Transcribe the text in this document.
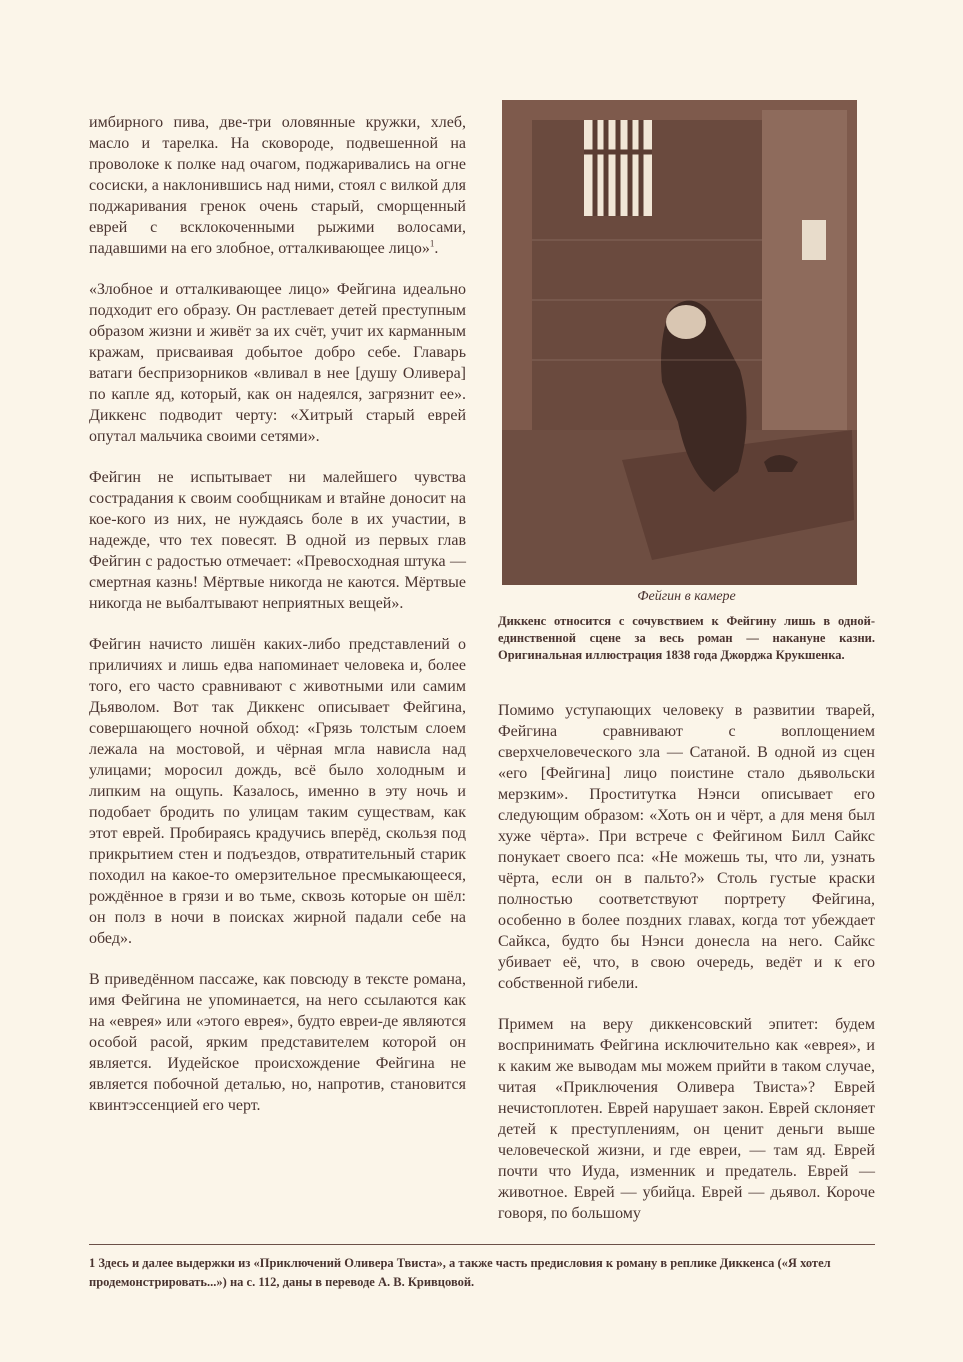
имбирного пива, две-три оловянные кружки, хлеб, масло и тарелка. На сковороде, подвешенной на проволоке к полке над очагом, поджаривались на огне сосиски, а наклонившись над ними, стоял с вилкой для поджаривания гренок очень старый, сморщенный еврей с всклокоченными рыжими волосами, падавшими на его злобное, отталкивающее лицо»$^1$.

«Злобное и отталкивающее лицо» Фейгина идеально подходит его образу. Он растлевает детей преступным образом жизни и живёт за их счёт, учит их карманным кражам, присваивая добытое добро себе. Главарь ватаги беспризорников «вливал в нее [душу Оливера] по капле яд, который, как он надеялся, загрязнит ее». Диккенс подводит черту: «Хитрый старый еврей опутал мальчика своими сетями».

Фейгин не испытывает ни малейшего чувства сострадания к своим сообщникам и втайне доносит на кое-кого из них, не нуждаясь боле в их участии, в надежде, что тех повесят. В одной из первых глав Фейгин с радостью отмечает: «Превосходная штука — смертная казнь! Мёртвые никогда не каются. Мёртвые никогда не выбалтывают неприятных вещей».

Фейгин начисто лишён каких-либо представлений о приличиях и лишь едва напоминает человека и, более того, его часто сравнивают с животными или самим Дьяволом. Вот так Диккенс описывает Фейгина, совершающего ночной обход: «Грязь толстым слоем лежала на мостовой, и чёрная мгла нависла над улицами; моросил дождь, всё было холодным и липким на ощупь. Казалось, именно в эту ночь и подобает бродить по улицам таким существам, как этот еврей. Пробираясь крадучись вперёд, скользя под прикрытием стен и подъездов, отвратительный старик походил на какое-то омерзительное пресмыкающееся, рождённое в грязи и во тьме, сквозь которые он шёл: он полз в ночи в поисках жирной падали себе на обед».

В приведённом пассаже, как повсюду в тексте романа, имя Фейгина не упоминается, на него ссылаются как на «еврея» или «этого еврея», будто евреи-де являются особой расой, ярким представителем которой он является. Иудейское происхождение Фейгина не является побочной деталью, но, напротив, становится квинтэссенцией его черт.

Фейгин в камере

Диккенс относится с сочувствием к Фейгину лишь в одной-единственной сцене за весь роман — накануне казни. Оригинальная иллюстрация 1838 года Джорджа Крукшенка.

Помимо уступающих человеку в развитии тварей, Фейгина сравнивают с воплощением сверхчеловеческого зла — Сатаной. В одной из сцен «его [Фейгина] лицо поистине стало дьявольски мерзким». Проститутка Нэнси описывает его следующим образом: «Хоть он и чёрт, а для меня был хуже чёрта». При встрече с Фейгином Билл Сайкс понукает своего пса: «Не можешь ты, что ли, узнать чёрта, если он в пальто?» Столь густые краски полностью соответствуют портрету Фейгина, особенно в более поздних главах, когда тот убеждает Сайкса, будто бы Нэнси донесла на него. Сайкс убивает её, что, в свою очередь, ведёт и к его собственной гибели.

Примем на веру диккенсовский эпитет: будем воспринимать Фейгина исключительно как «еврея», и к каким же выводам мы можем прийти в таком случае, читая «Приключения Оливера Твиста»? Еврей нечистоплотен. Еврей нарушает закон. Еврей склоняет детей к преступлениям, он ценит деньги выше человеческой жизни, и где евреи, — там яд. Еврей почти что Иуда, изменник и предатель. Еврей — животное. Еврей — убийца. Еврей — дьявол. Короче говоря, по большому

1 Здесь и далее выдержки из «Приключений Оливера Твиста», а также часть предисловия к роману в реплике Диккенса («Я хотел продемонстрировать...») на с. 112, даны в переводе А. В. Кривцовой.
